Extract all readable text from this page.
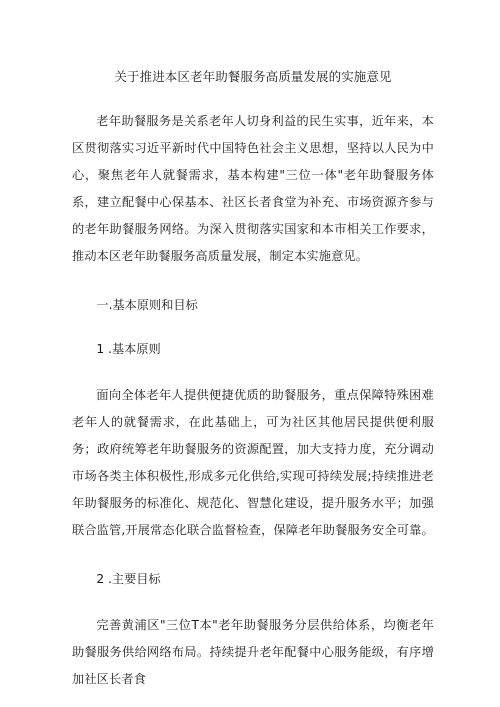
关于推进本区老年助餐服务高质量发展的实施意见

老年助餐服务是关系老年人切身利益的民生实事，近年来，本区贯彻落实习近平新时代中国特色社会主义思想，坚持以人民为中心，聚焦老年人就餐需求，基本构建"三位一体"老年助餐服务体系，建立配餐中心保基本、社区长者食堂为补充、市场资源齐参与的老年助餐服务网络。为深入贯彻落实国家和本市相关工作要求，推动本区老年助餐服务高质量发展，制定本实施意见。

一.基本原则和目标
1 .基本原则

面向全体老年人提供便捷优质的助餐服务，重点保障特殊困难老年人的就餐需求，在此基础上，可为社区其他居民提供便利服务；政府统筹老年助餐服务的资源配置，加大支持力度，充分调动市场各类主体积极性,形成多元化供给,实现可持续发展;持续推进老年助餐服务的标准化、规范化、智慧化建设，提升服务水平；加强联合监管,开展常态化联合监督检查，保障老年助餐服务安全可靠。

2 .主要目标

完善黄浦区"三位T本"老年助餐服务分层供给体系，均衡老年助餐服务供给网络布局。持续提升老年配餐中心服务能级，有序增加社区长者食
